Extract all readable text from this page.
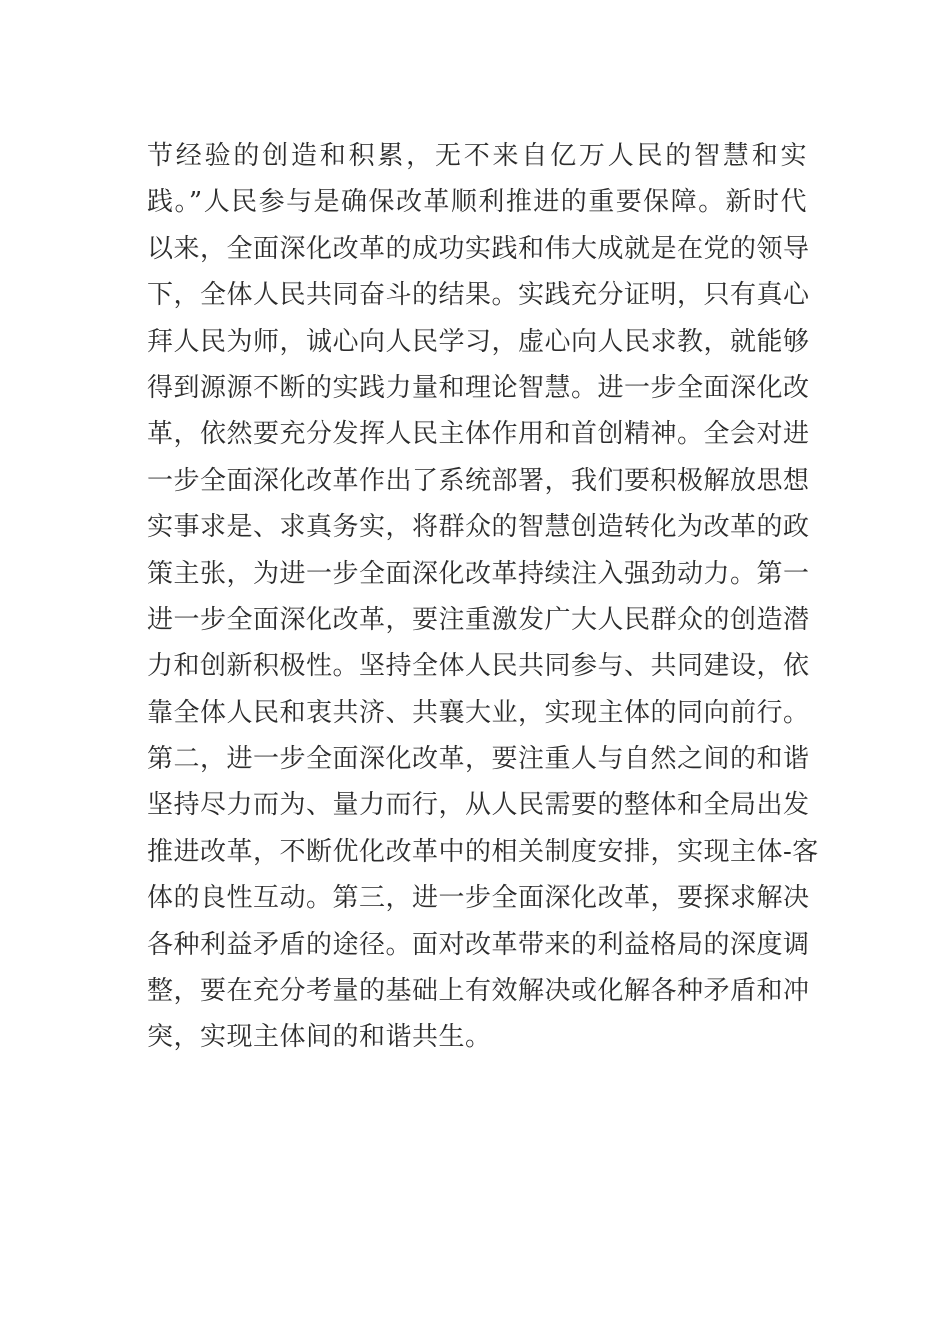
节经验的创造和积累，无不来自亿万人民的智慧和实
践。”人民参与是确保改革顺利推进的重要保障。新时代
以来，全面深化改革的成功实践和伟大成就是在党的领导
下，全体人民共同奋斗的结果。实践充分证明，只有真心
拜人民为师，诚心向人民学习，虚心向人民求教，就能够
得到源源不断的实践力量和理论智慧。进一步全面深化改
革，依然要充分发挥人民主体作用和首创精神。全会对进
一步全面深化改革作出了系统部署，我们要积极解放思想
实事求是、求真务实，将群众的智慧创造转化为改革的政
策主张，为进一步全面深化改革持续注入强劲动力。第一
进一步全面深化改革，要注重激发广大人民群众的创造潜
力和创新积极性。坚持全体人民共同参与、共同建设，依
靠全体人民和衷共济、共襄大业，实现主体的同向前行。
第二，进一步全面深化改革，要注重人与自然之间的和谐
坚持尽力而为、量力而行，从人民需要的整体和全局出发
推进改革，不断优化改革中的相关制度安排，实现主体-客
体的良性互动。第三，进一步全面深化改革，要探求解决
各种利益矛盾的途径。面对改革带来的利益格局的深度调
整，要在充分考量的基础上有效解决或化解各种矛盾和冲
突，实现主体间的和谐共生。
